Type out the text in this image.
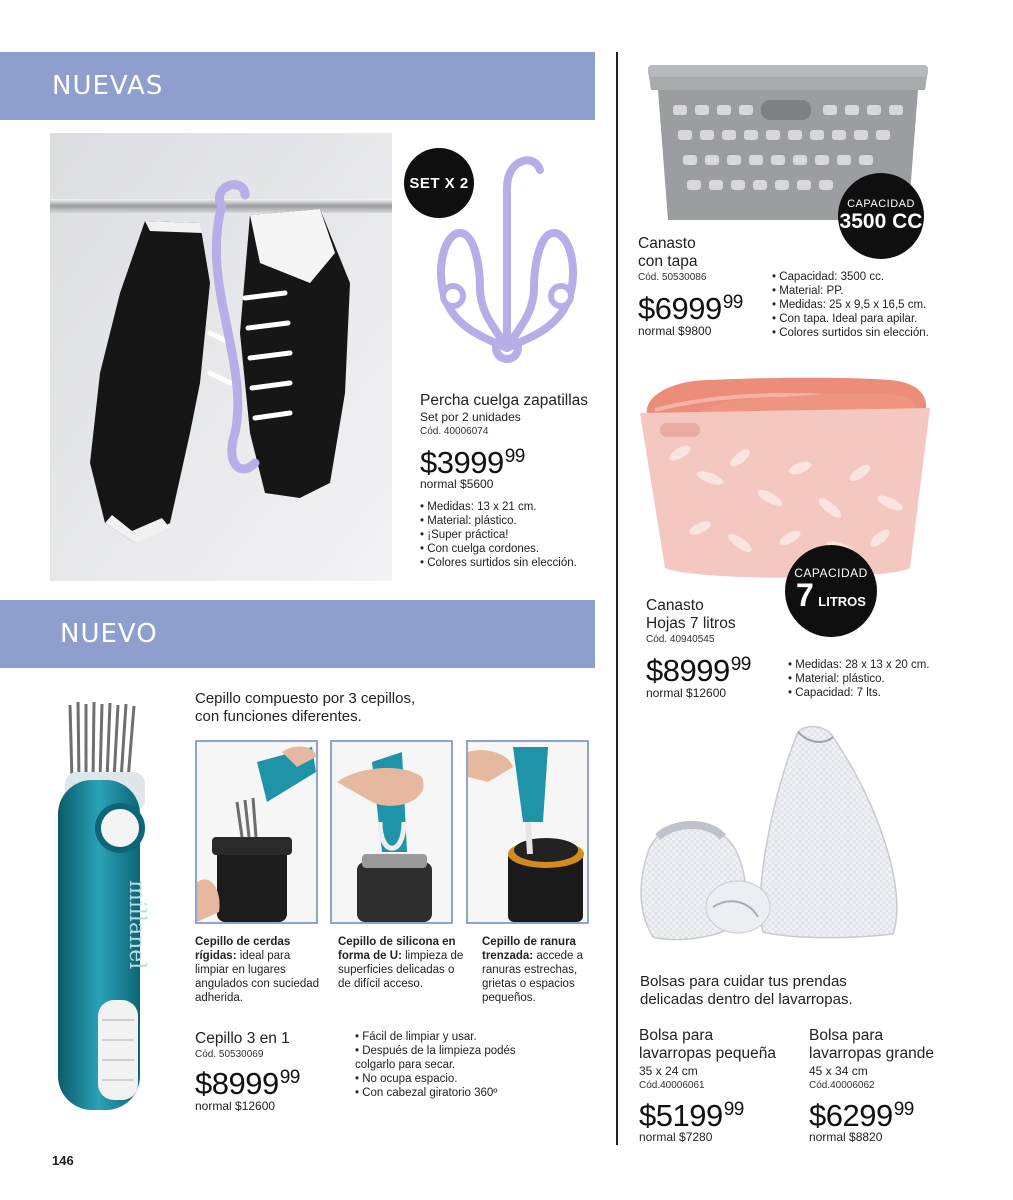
NUEVAS
SET X 2
Percha cuelga zapatillas
Set por 2 unidades
Cód. 40006074
$3999$^{99}$
normal $5600
• Medidas: 13 x 21 cm.
• Material: plástico.
• ¡Super práctica!
• Con cuelga cordones.
• Colores surtidos sin elección.
NUEVO
millanel
Cepillo compuesto por 3 cepillos,
con funciones diferentes.
Cepillo de cerdas rígidas: ideal para limpiar en lugares angulados con suciedad adherida.
Cepillo de silicona en forma de U: limpieza de superficies delicadas o de difícil acceso.
Cepillo de ranura trenzada: accede a ranuras estrechas, grietas o espacios pequeños.
Cepillo 3 en 1
Cód. 50530069
$8999$^{99}$
normal $12600
• Fácil de limpiar y usar.
• Después de la limpieza podés colgarlo para secar.
• No ocupa espacio.
• Con cabezal giratorio 360º
146
CAPACIDAD
3500 CC
Canasto
con tapa
Cód. 50530086
$6999$^{99}$
normal $9800
• Capacidad: 3500 cc.
• Material: PP.
• Medidas: 25 x 9,5 x 16,5 cm.
• Con tapa. Ideal para apilar.
• Colores surtidos sin elección.
CAPACIDAD
7 LITROS
Canasto
Hojas 7 litros
Cód. 40940545
$8999$^{99}$
normal $12600
• Medidas: 28 x 13 x 20 cm.
• Material: plástico.
• Capacidad: 7 lts.
Bolsas para cuidar tus prendas
delicadas dentro del lavarropas.
Bolsa para
lavarropas pequeña
35 x 24 cm
Cód.40006061
$5199$^{99}$
normal $7280
Bolsa para
lavarropas grande
45 x 34 cm
Cód.40006062
$6299$^{99}$
normal $8820
